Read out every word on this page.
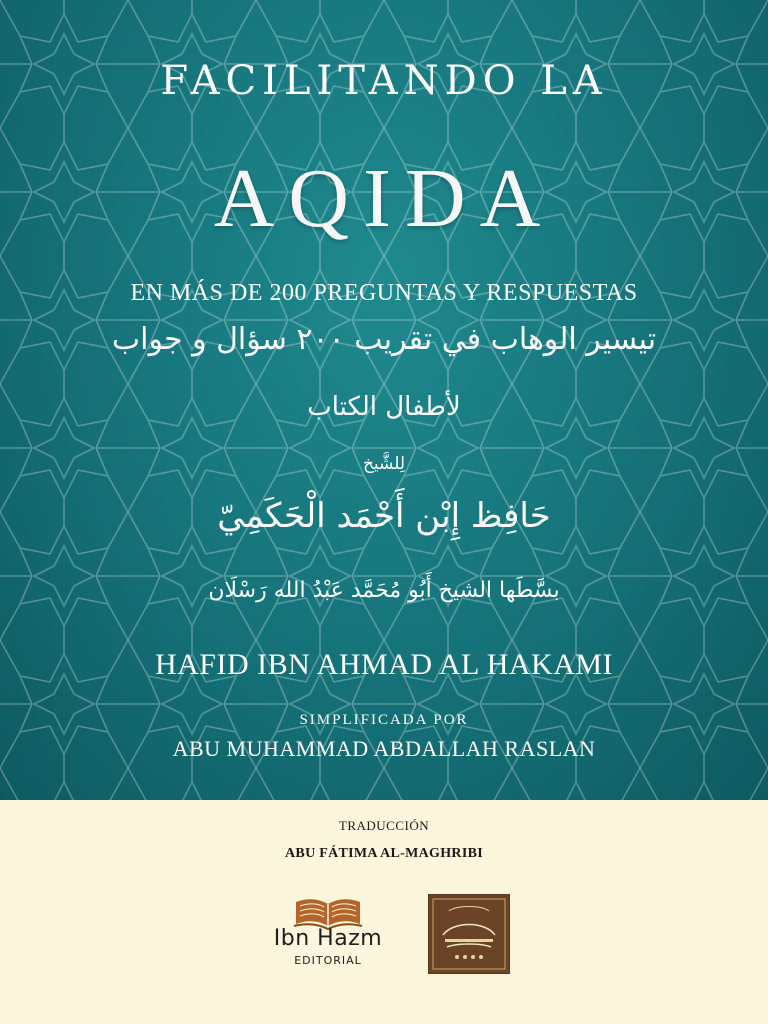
FACILITANDO LA
AQIDA
EN MÁS DE 200 PREGUNTAS Y RESPUESTAS
تيسير الوهاب في تقريب ٢٠٠ سؤال و جواب
لأطفال الكتاب
لِلشَّيخ
حَافِظ إِبْن أَحْمَد الْحَكَمِيّ
بسَّطَها الشيخ أَبُو مُحَمَّد عَبْدُ الله رَسْلَان
HAFID IBN AHMAD AL HAKAMI
SIMPLIFICADA POR
ABU MUHAMMAD ABDALLAH RASLAN
TRADUCCIÓN
ABU FÁTIMA AL-MAGHRIBI
Ibn Hazm
EDITORIAL
